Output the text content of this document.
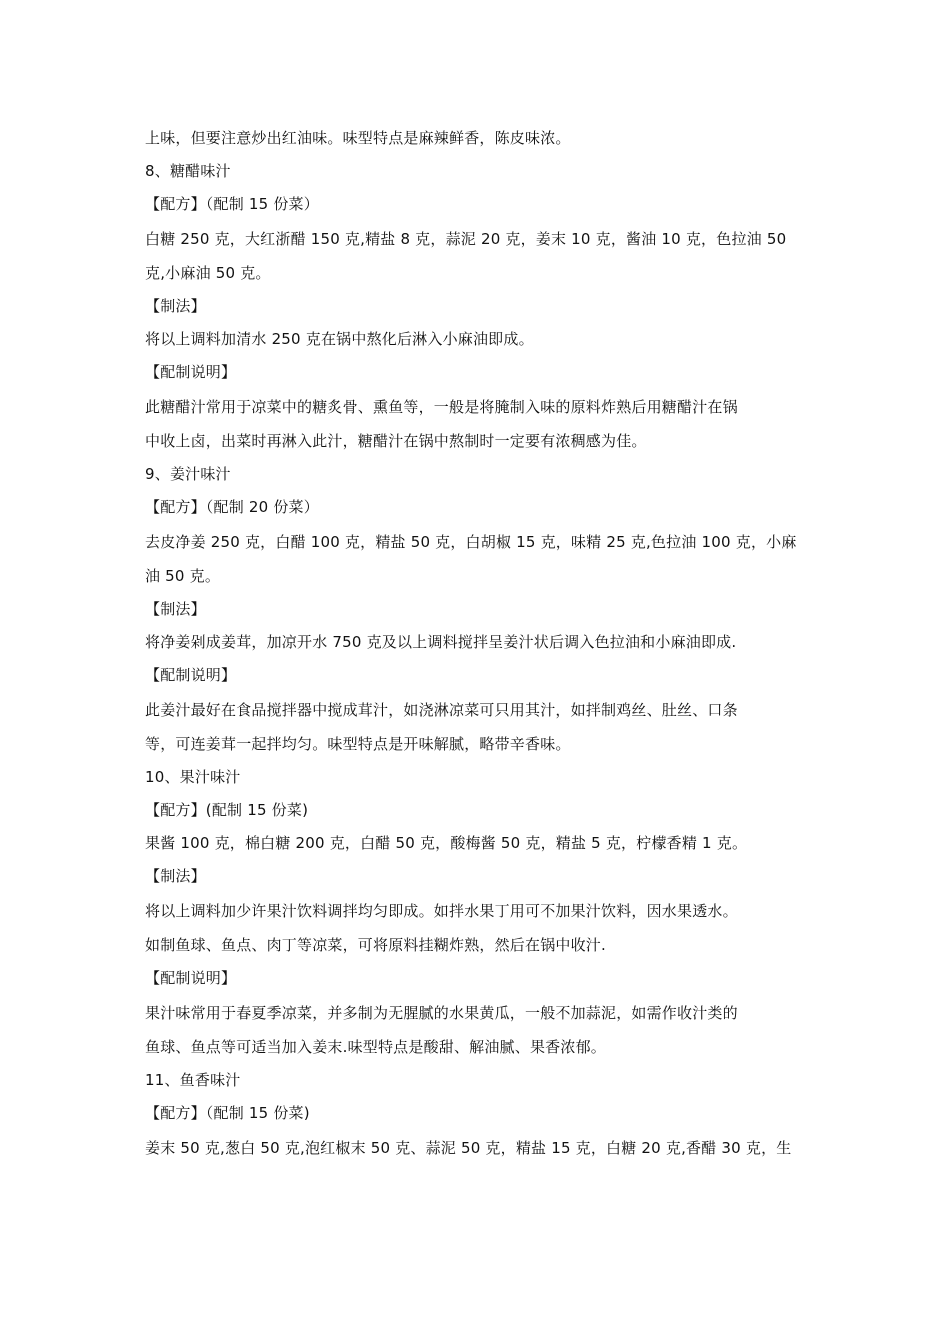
上味，但要注意炒出红油味。味型特点是麻辣鲜香，陈皮味浓。
8、糖醋味汁
【配方】（配制 15 份菜）
白糖 250 克，大红浙醋 150 克,精盐 8 克，蒜泥 20 克，姜末 10 克，酱油 10 克，色拉油 50
克,小麻油 50 克。
【制法】
将以上调料加清水 250 克在锅中熬化后淋入小麻油即成。
【配制说明】
此糖醋汁常用于凉菜中的糖炙骨、熏鱼等，一般是将腌制入味的原料炸熟后用糖醋汁在锅
中收上卤，出菜时再淋入此汁，糖醋汁在锅中熬制时一定要有浓稠感为佳。
9、姜汁味汁
【配方】（配制 20 份菜）
去皮净姜 250 克，白醋 100 克，精盐 50 克，白胡椒 15 克，味精 25 克,色拉油 100 克，小麻
油 50 克。
【制法】
将净姜剁成姜茸，加凉开水 750 克及以上调料搅拌呈姜汁状后调入色拉油和小麻油即成.
【配制说明】
此姜汁最好在食品搅拌器中搅成茸汁，如浇淋凉菜可只用其汁，如拌制鸡丝、肚丝、口条
等，可连姜茸一起拌均匀。味型特点是开味解腻，略带辛香味。
10、果汁味汁
【配方】(配制 15 份菜)
果酱 100 克，棉白糖 200 克，白醋 50 克，酸梅酱 50 克，精盐 5 克，柠檬香精 1 克。
【制法】
将以上调料加少许果汁饮料调拌均匀即成。如拌水果丁用可不加果汁饮料，因水果透水。
如制鱼球、鱼点、肉丁等凉菜，可将原料挂糊炸熟，然后在锅中收汁.
【配制说明】
果汁味常用于春夏季凉菜，并多制为无腥腻的水果黄瓜，一般不加蒜泥，如需作收汁类的
鱼球、鱼点等可适当加入姜末.味型特点是酸甜、解油腻、果香浓郁。
11、鱼香味汁
【配方】（配制 15 份菜)
姜末 50 克,葱白 50 克,泡红椒末 50 克、蒜泥 50 克，精盐 15 克，白糖 20 克,香醋 30 克，生
